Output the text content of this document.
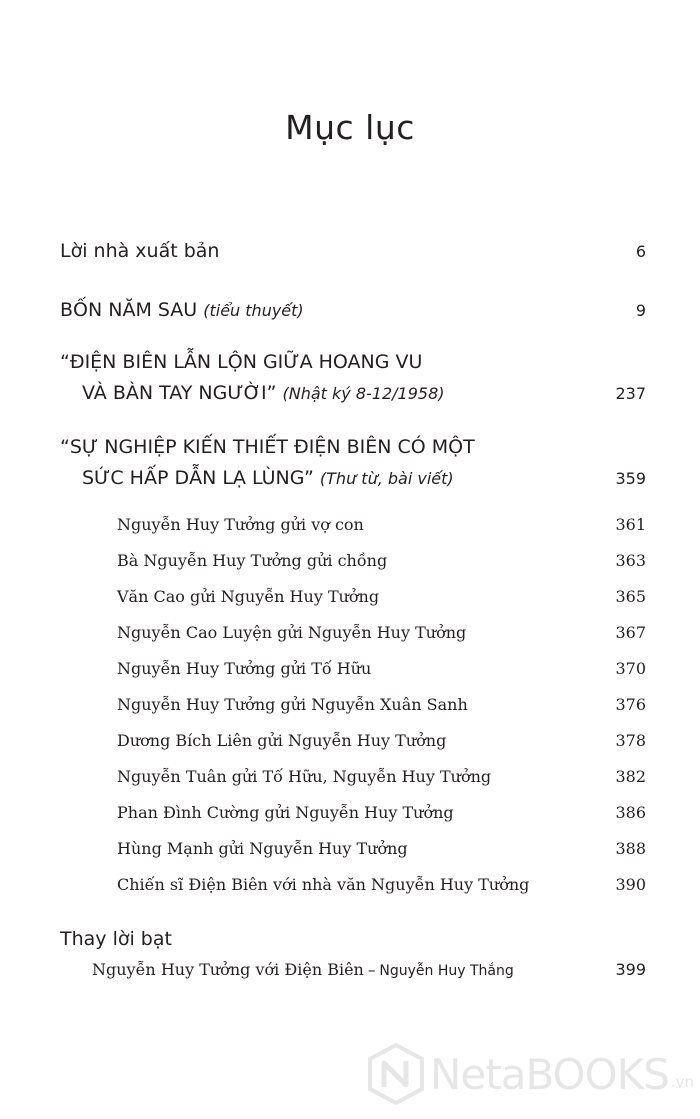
Mục lục
Lời nhà xuất bản	6
BỐN NĂM SAU (tiểu thuyết)	9
“ĐIỆN BIÊN LẪN LỘN GIỮA HOANG VU
VÀ BÀN TAY NGƯỜI” (Nhật ký 8-12/1958)	237
“SỰ NGHIỆP KIẾN THIẾT ĐIỆN BIÊN CÓ MỘT
SỨC HẤP DẪN LẠ LÙNG” (Thư từ, bài viết)	359
Nguyễn Huy Tưởng gửi vợ con	361
Bà Nguyễn Huy Tưởng gửi chồng	363
Văn Cao gửi Nguyễn Huy Tưởng	365
Nguyễn Cao Luyện gửi Nguyễn Huy Tưởng	367
Nguyễn Huy Tưởng gửi Tố Hữu	370
Nguyễn Huy Tưởng gửi Nguyễn Xuân Sanh	376
Dương Bích Liên gửi Nguyễn Huy Tưởng	378
Nguyễn Tuân gửi Tố Hữu, Nguyễn Huy Tưởng	382
Phan Đình Cường gửi Nguyễn Huy Tưởng	386
Hùng Mạnh gửi Nguyễn Huy Tưởng	388
Chiến sĩ Điện Biên với nhà văn Nguyễn Huy Tưởng	390
Thay lời bạt
Nguyễn Huy Tưởng với Điện Biên – Nguyễn Huy Thắng	399
NetaBOOKS .vn
